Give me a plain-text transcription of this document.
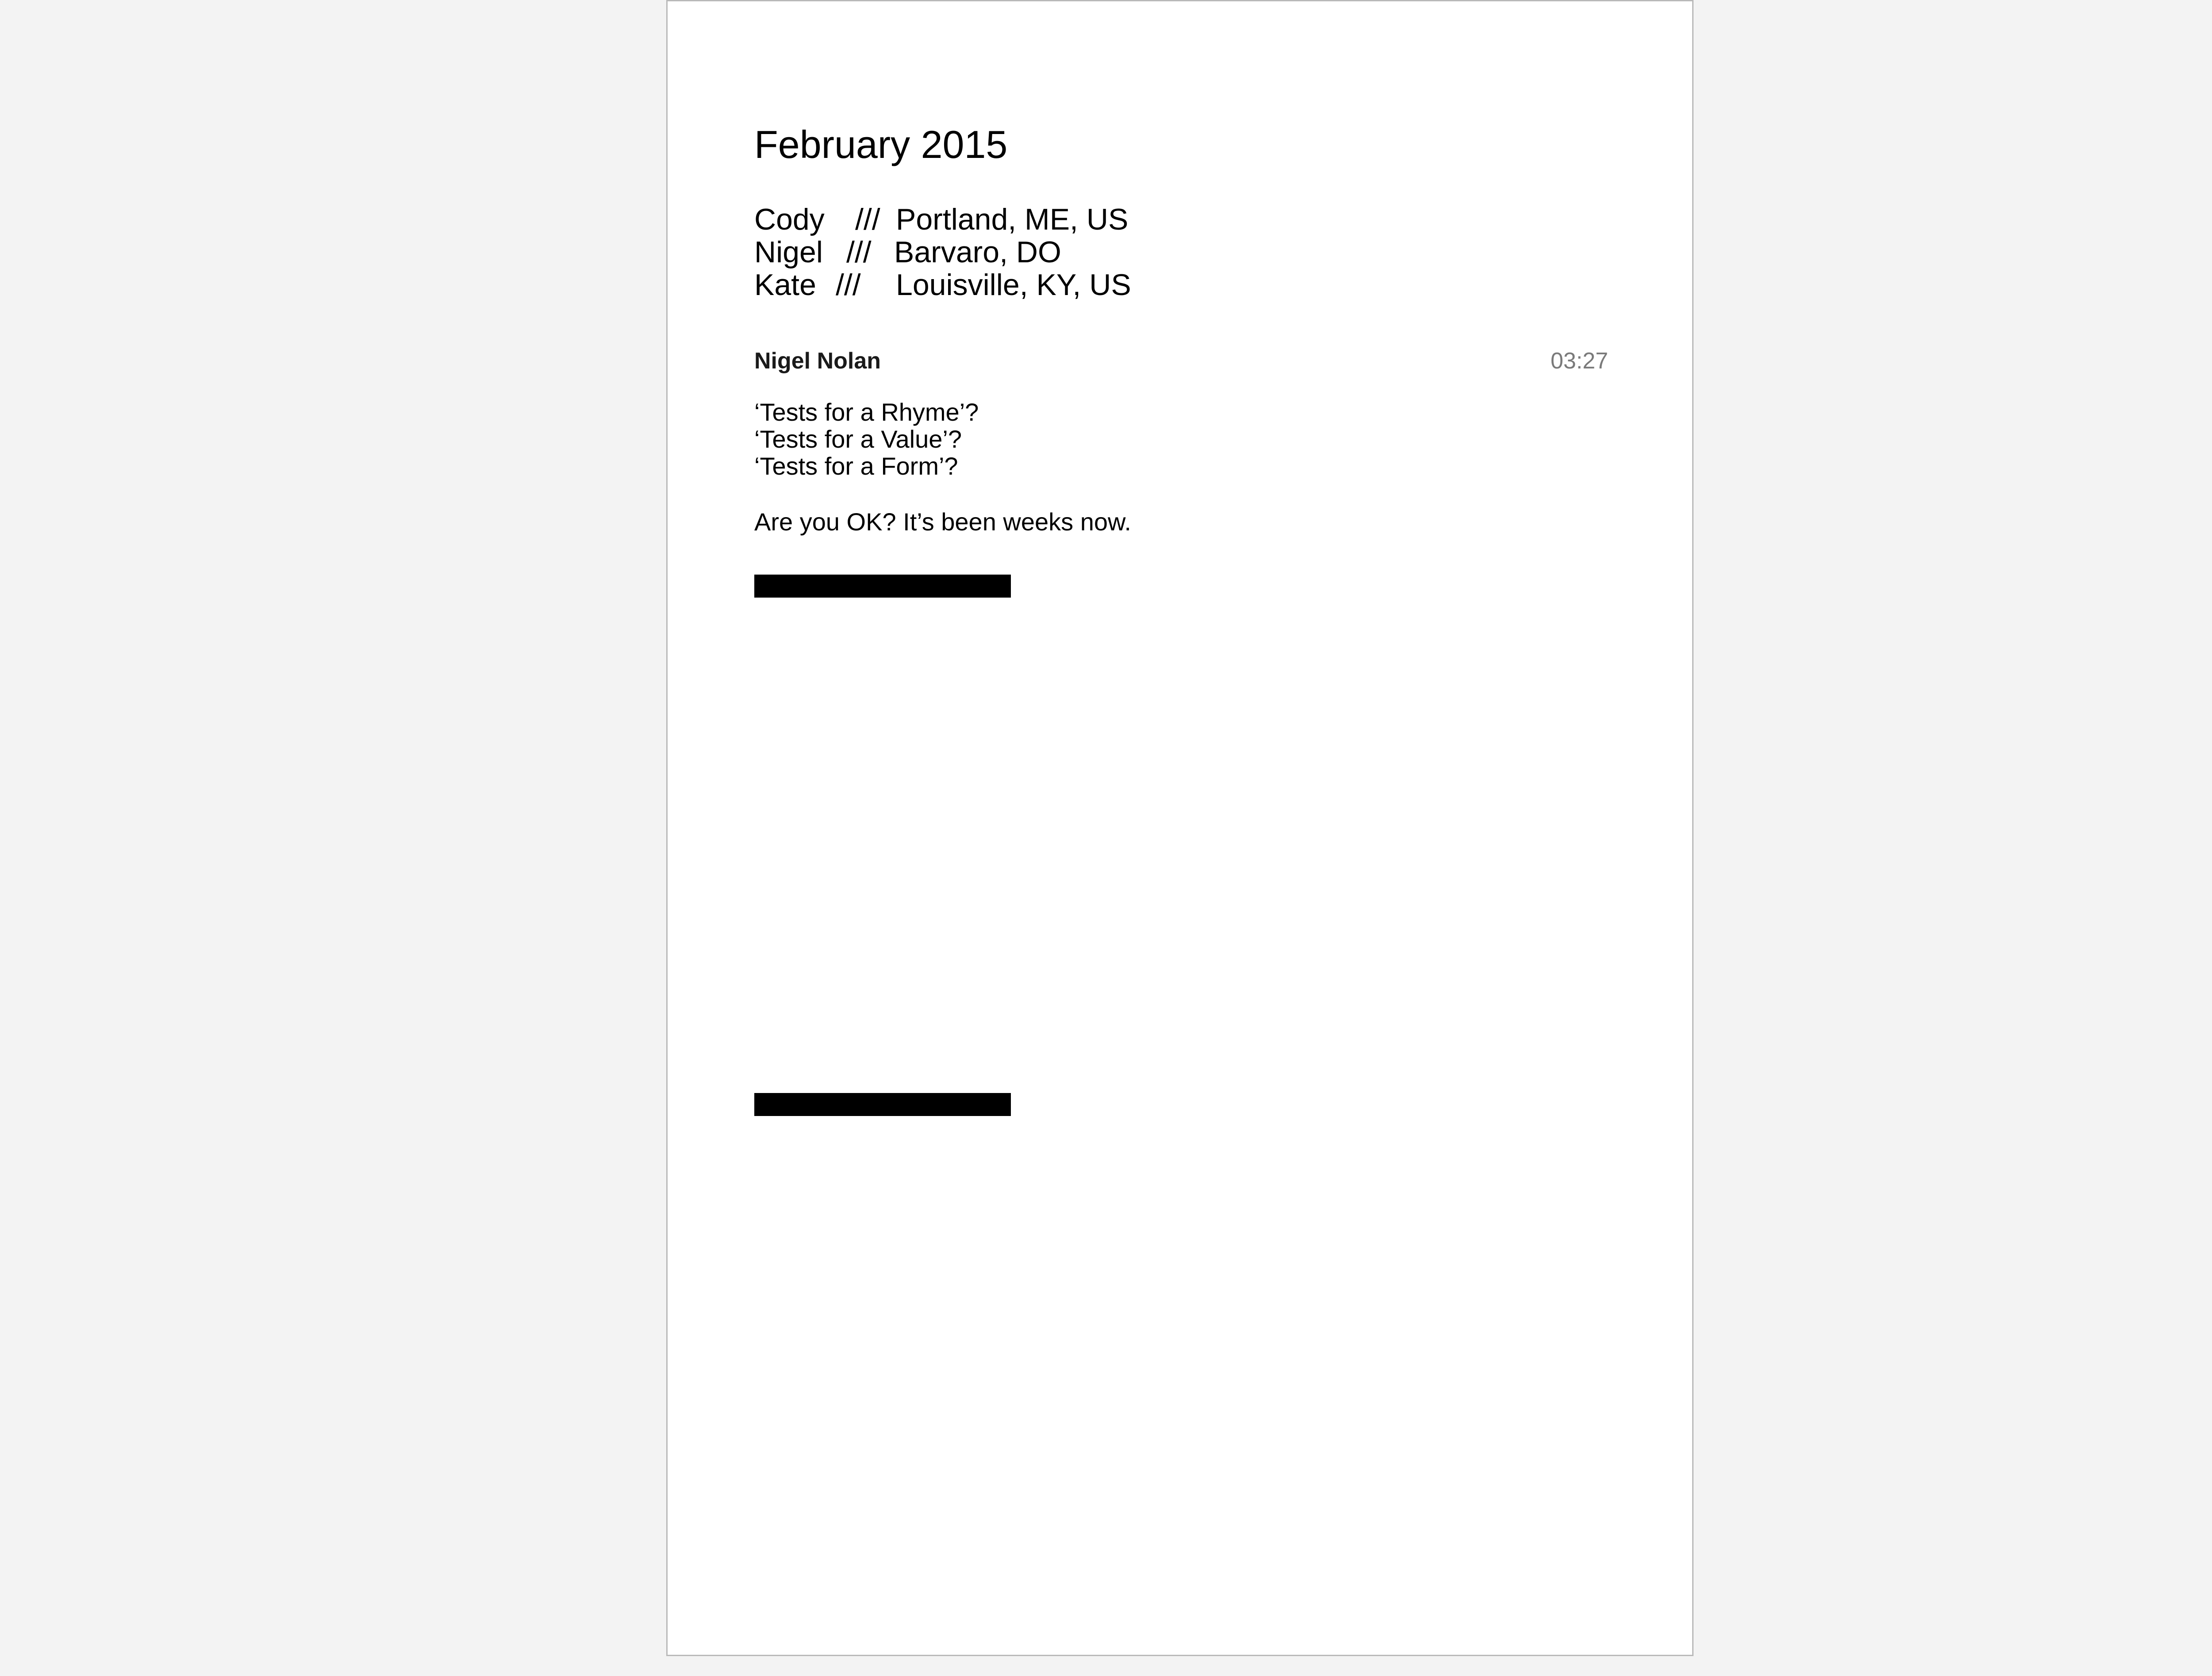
February 2015
Cody /// Portland, ME, US
Nigel /// Barvaro, DO
Kate /// Louisville, KY, US
Nigel Nolan	03:27
‘Tests for a Rhyme’?
‘Tests for a Value’?
‘Tests for a Form’?
Are you OK? It’s been weeks now.
